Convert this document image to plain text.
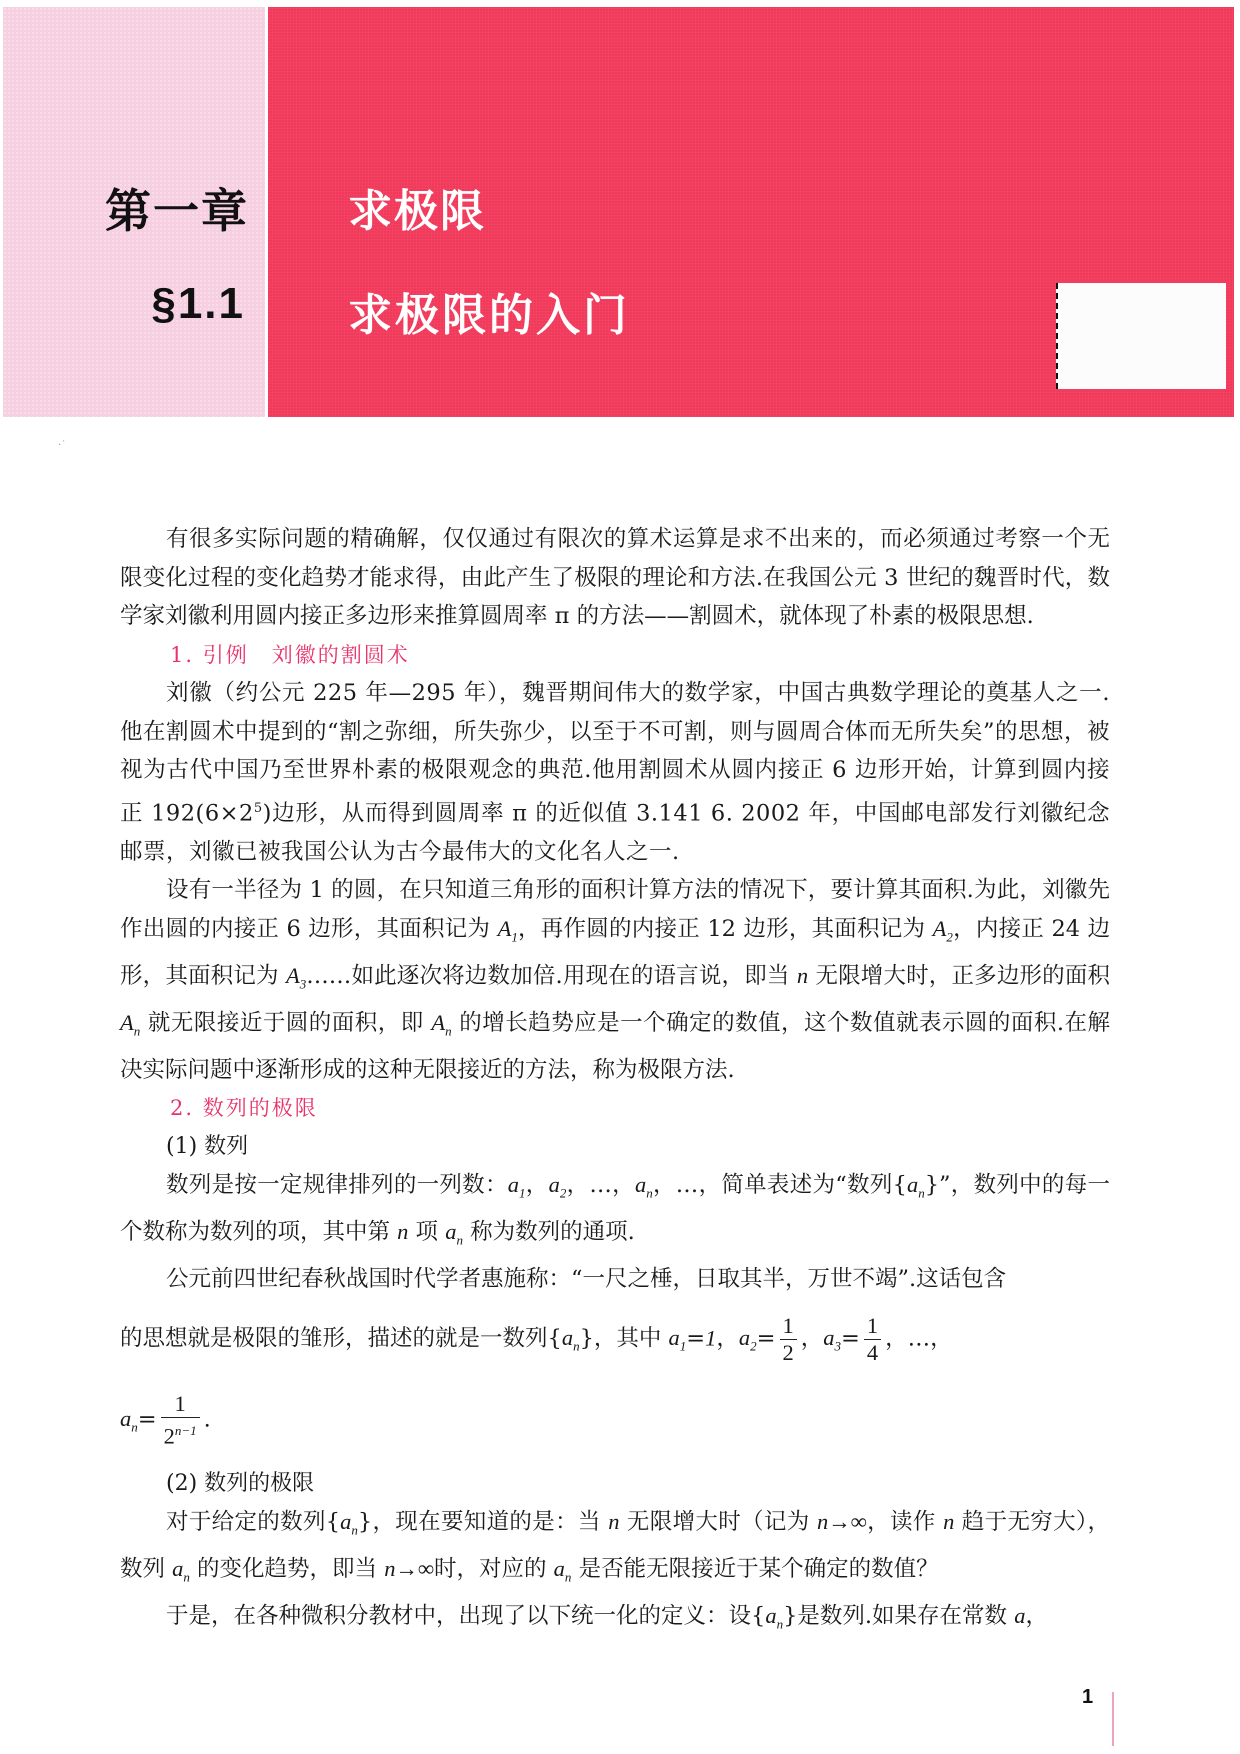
第一章
§1.1
求极限
求极限的入门
·˙

有很多实际问题的精确解，仅仅通过有限次的算术运算是求不出来的，而必须通过考察一个无限变化过程的变化趋势才能求得，由此产生了极限的理论和方法.在我国公元 3 世纪的魏晋时代，数学家刘徽利用圆内接正多边形来推算圆周率 π 的方法——割圆术，就体现了朴素的极限思想.

1. 引例　刘徽的割圆术

刘徽（约公元 225 年—295 年），魏晋期间伟大的数学家，中国古典数学理论的奠基人之一.他在割圆术中提到的“割之弥细，所失弥少，以至于不可割，则与圆周合体而无所失矣”的思想，被视为古代中国乃至世界朴素的极限观念的典范.他用割圆术从圆内接正 6 边形开始，计算到圆内接正 $192(6\times 2^5)$边形，从而得到圆周率 π 的近似值 3.141 6. 2002 年，中国邮电部发行刘徽纪念邮票，刘徽已被我国公认为古今最伟大的文化名人之一.

设有一半径为 1 的圆，在只知道三角形的面积计算方法的情况下，要计算其面积.为此，刘徽先作出圆的内接正 6 边形，其面积记为 $A_1$，再作圆的内接正 12 边形，其面积记为 $A_2$，内接正 24 边形，其面积记为 $A_3\dots\dots$如此逐次将边数加倍.用现在的语言说，即当 n 无限增大时，正多边形的面积 $A_n$ 就无限接近于圆的面积，即 $A_n$ 的增长趋势应是一个确定的数值，这个数值就表示圆的面积.在解决实际问题中逐渐形成的这种无限接近的方法，称为极限方法.

2. 数列的极限

(1) 数列

数列是按一定规律排列的一列数：$a_1$，$a_2$，…，$a_n$，…，简单表述为“数列$\{a_n\}$”，数列中的每一个数称为数列的项，其中第 n 项 $a_n$ 称为数列的通项.

公元前四世纪春秋战国时代学者惠施称：“一尺之棰，日取其半，万世不竭”.这话包含

的思想就是极限的雏形，描述的就是一数列$\{a_n\}$，其中 $a_1=1$，$a_2= \frac{1}{2}$ ，$a_3= \frac{1}{4}$ ，…，

$a_n= \frac{1}{2^{n-1}}$ .

(2) 数列的极限

对于给定的数列$\{a_n\}$，现在要知道的是：当 n 无限增大时（记为 n→∞，读作 n 趋于无穷大），数列 $a_n$ 的变化趋势，即当 n→∞时，对应的 $a_n$ 是否能无限接近于某个确定的数值？

于是，在各种微积分教材中，出现了以下统一化的定义：设$\{a_n\}$是数列.如果存在常数 a，

1
